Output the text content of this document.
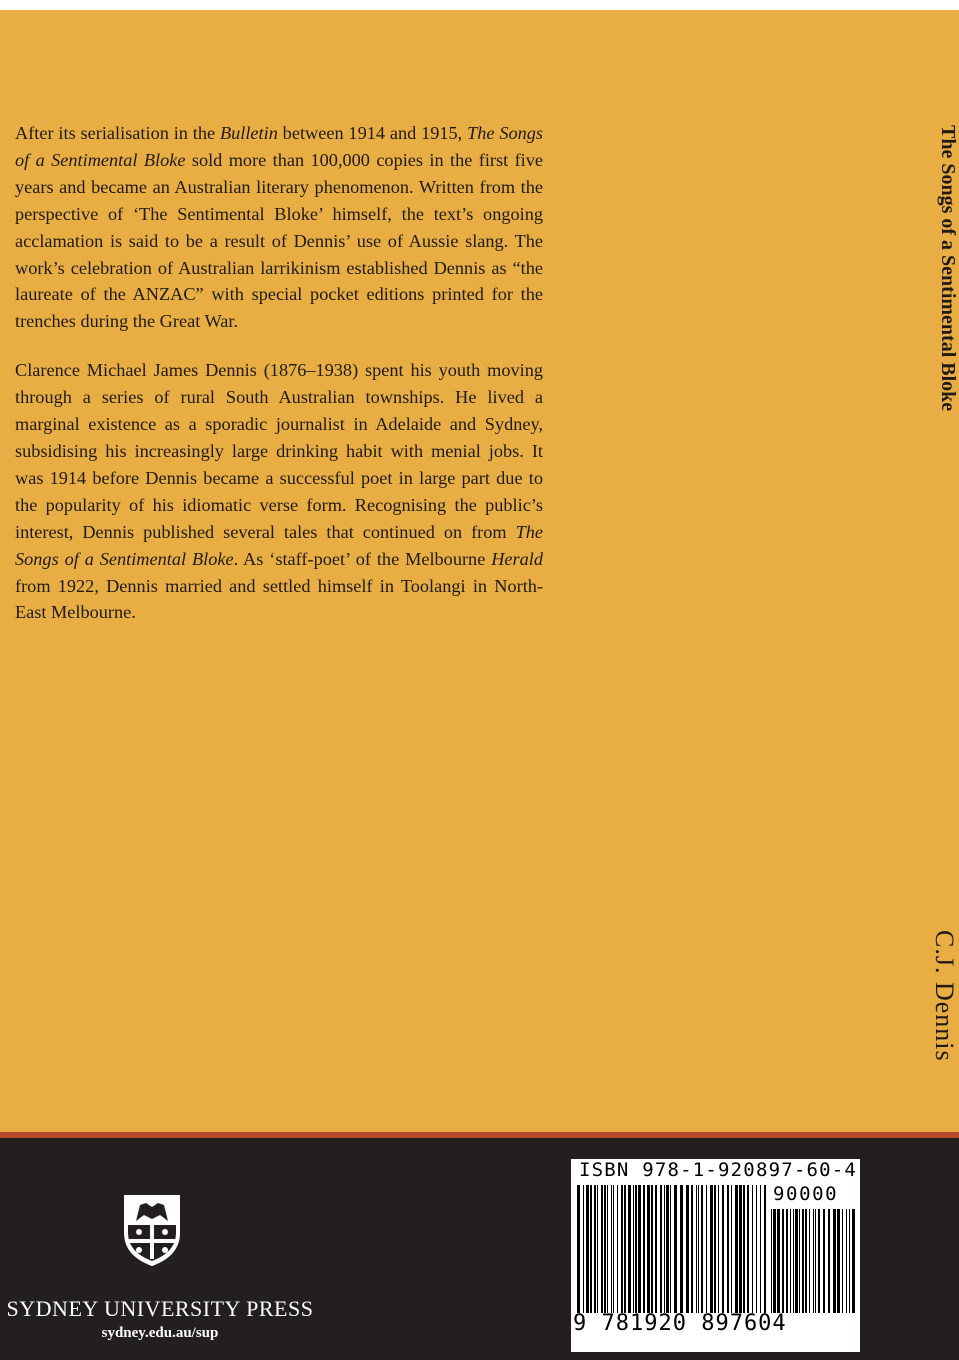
After its serialisation in the Bulletin between 1914 and 1915, The Songs of a Sentimental Bloke sold more than 100,000 copies in the first five years and became an Australian literary phenomenon. Written from the perspective of ‘The Sentimental Bloke’ himself, the text’s ongoing acclamation is said to be a result of Dennis’ use of Aussie slang. The work’s celebration of Australian larrikinism established Dennis as “the laureate of the ANZAC” with special pocket editions printed for the trenches during the Great War.

Clarence Michael James Dennis (1876–1938) spent his youth moving through a series of rural South Australian townships. He lived a marginal existence as a sporadic journalist in Adelaide and Sydney, subsidising his increasingly large drinking habit with menial jobs. It was 1914 before Dennis became a successful poet in large part due to the popularity of his idiomatic verse form. Recognising the public’s interest, Dennis published several tales that continued on from The Songs of a Sentimental Bloke. As ‘staff-poet’ of the Melbourne Herald from 1922, Dennis married and settled himself in Toolangi in North-East Melbourne.

The Songs of a Sentimental Bloke
C.J. Dennis
SYDNEY UNIVERSITY PRESS
sydney.edu.au/sup
ISBN 978-1-920897-60-4
90000
9 781920 897604
